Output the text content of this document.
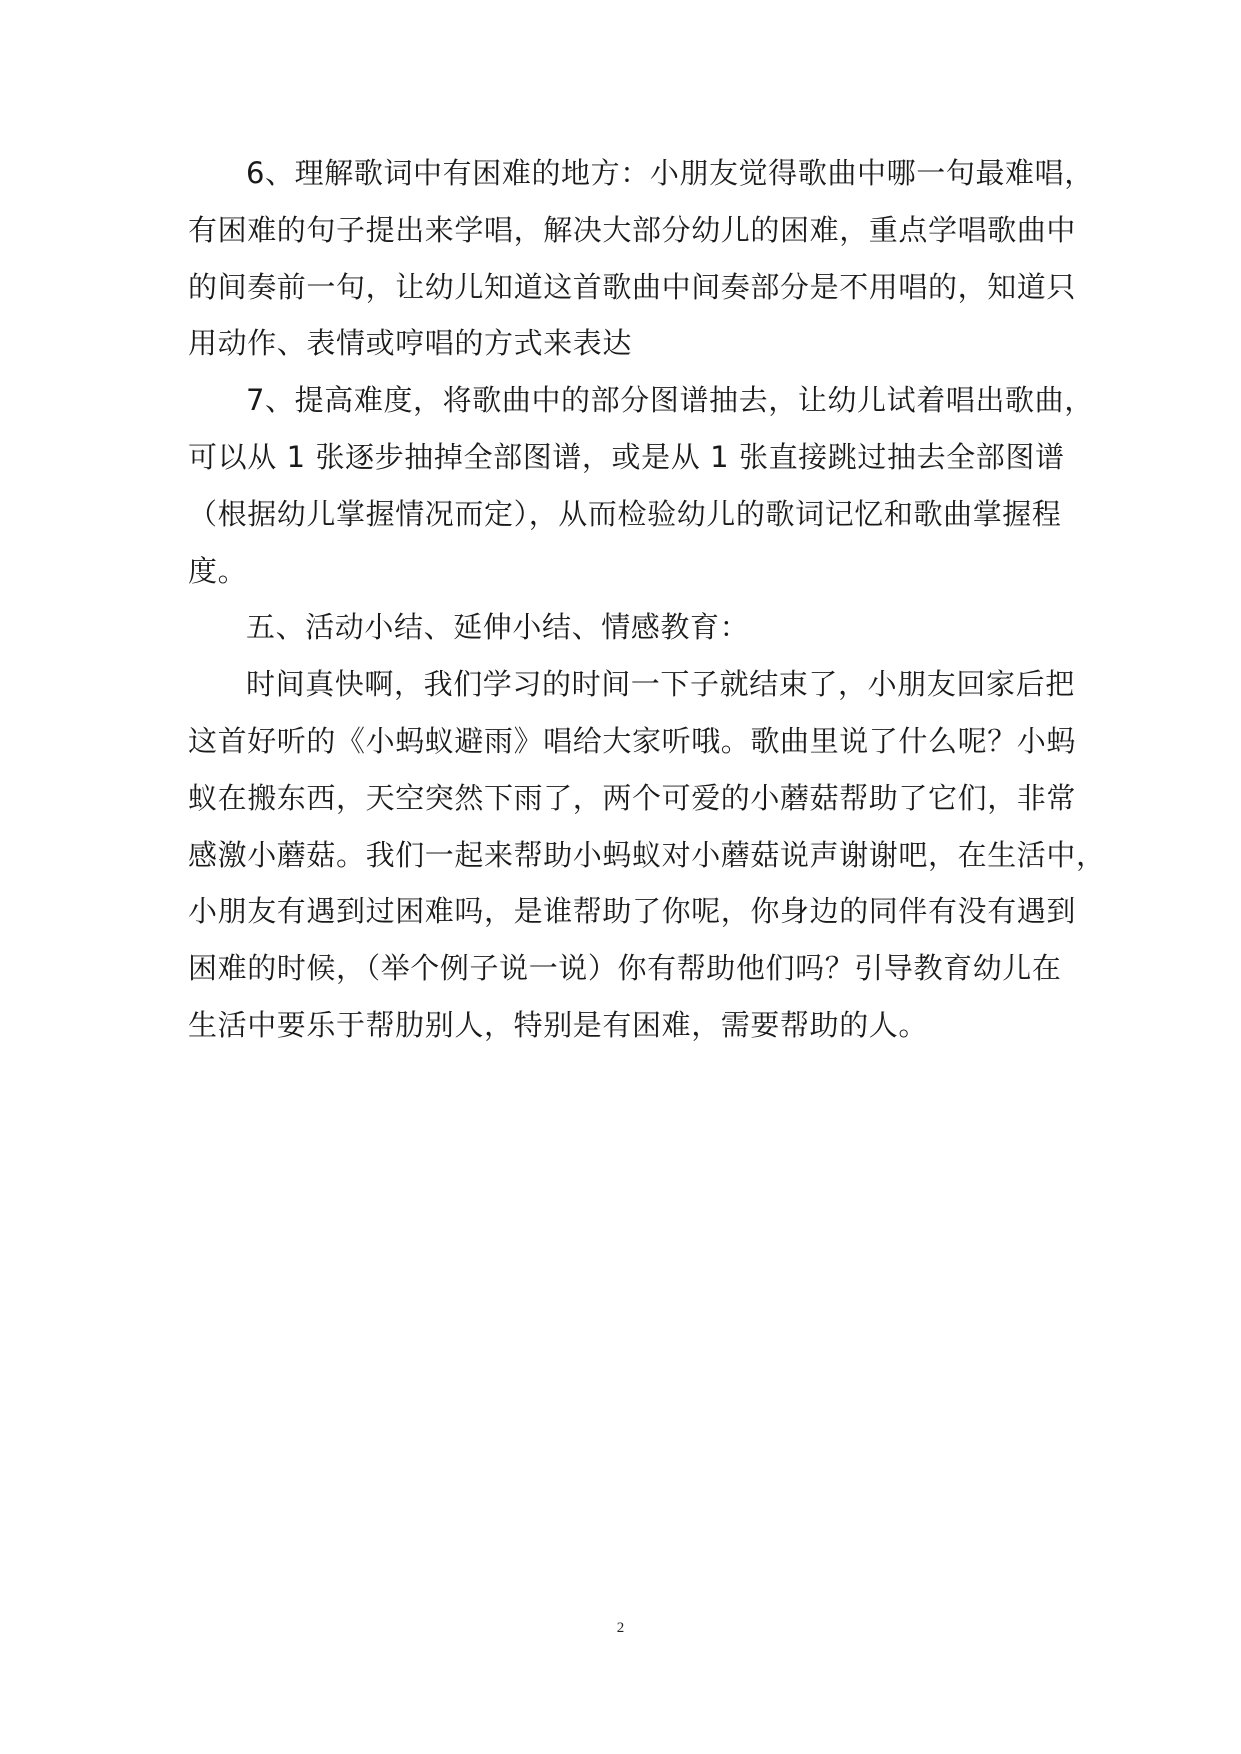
6、理解歌词中有困难的地方：小朋友觉得歌曲中哪一句最难唱，
有困难的句子提出来学唱，解决大部分幼儿的困难，重点学唱歌曲中
的间奏前一句，让幼儿知道这首歌曲中间奏部分是不用唱的，知道只
用动作、表情或哼唱的方式来表达
7、提高难度，将歌曲中的部分图谱抽去，让幼儿试着唱出歌曲，
可以从 1 张逐步抽掉全部图谱，或是从 1 张直接跳过抽去全部图谱
（根据幼儿掌握情况而定），从而检验幼儿的歌词记忆和歌曲掌握程
度。
五、活动小结、延伸小结、情感教育：
时间真快啊，我们学习的时间一下子就结束了，小朋友回家后把
这首好听的《小蚂蚁避雨》唱给大家听哦。歌曲里说了什么呢？小蚂
蚁在搬东西，天空突然下雨了，两个可爱的小蘑菇帮助了它们，非常
感激小蘑菇。我们一起来帮助小蚂蚁对小蘑菇说声谢谢吧，在生活中，
小朋友有遇到过困难吗，是谁帮助了你呢，你身边的同伴有没有遇到
困难的时候，（举个例子说一说）你有帮助他们吗？引导教育幼儿在
生活中要乐于帮肋别人，特别是有困难，需要帮助的人。
2
